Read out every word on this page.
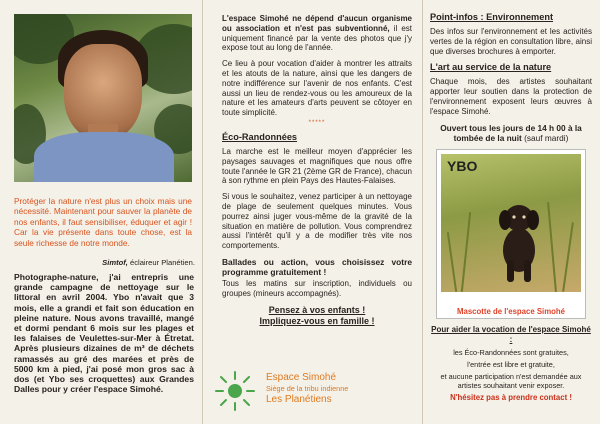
Protéger la nature n'est plus un choix mais une nécessité. Maintenant pour sauver la planète de nos enfants, il faut sensibiliser, éduquer et agir ! Car la vie présente dans toute chose, est la seule richesse de notre monde.
Simtof, éclaireur Planétien.
Photographe-nature, j'ai entrepris une grande campagne de nettoyage sur le littoral en avril 2004. Ybo n'avait que 3 mois, elle a grandi et fait son éducation en pleine nature. Nous avons travaillé, mangé et dormi pendant 6 mois sur les plages et les falaises de Veulettes-sur-Mer à Étretat. Après plusieurs dizaines de m³ de déchets ramassés au gré des marées et près de 5000 km à pied, j'ai posé mon gros sac à dos (et Ybo ses croquettes) aux Grandes Dalles pour y créer l'espace Simohé.

L'espace Simohé ne dépend d'aucun organisme ou association et n'est pas subventionné, il est uniquement financé par la vente des photos que j'y expose tout au long de l'année.

Ce lieu à pour vocation d'aider à montrer les attraits et les atouts de la nature, ainsi que les dangers de notre indifférence sur l'avenir de nos enfants. C'est aussi un lieu de rendez-vous ou les amoureux de la nature et les amateurs d'arts peuvent se côtoyer en toute simplicité.

*****
Éco-Randonnées

La marche est le meilleur moyen d'apprécier les paysages sauvages et magnifiques que nous offre toute l'année le GR 21 (2ème GR de France), chacun à son rythme en plein Pays des Hautes-Falaises.

Si vous le souhaitez, venez participer à un nettoyage de plage de seulement quelques minutes. Vous pourrez ainsi juger vous-même de la gravité de la situation en matière de pollution. Vous comprendrez aussi l'intérêt qu'il y a de modifier très vite nos comportements.

Ballades ou action, vous choisissez votre programme gratuitement !

Tous les matins sur inscription, individuels ou groupes (mineurs accompagnés).

Pensez à vos enfants !
Impliquez-vous en famille !
Espace Simohé
Siège de la tribu indienne
Les Planétiens
Point-infos : Environnement

Des infos sur l'environnement et les activités vertes de la région en consultation libre, ainsi que diverses brochures à emporter.

L'art au service de la nature

Chaque mois, des artistes souhaitant apporter leur soutien dans la protection de l'environnement exposent leurs œuvres à l'espace Simohé.

Ouvert tous les jours de 14 h 00 à la tombée de la nuit (sauf mardi)
YBO
Mascotte de l'espace Simohé
Pour aider la vocation de l'espace Simohé :
les Éco-Randonnées sont gratuites,
l'entrée est libre et gratuite,
et aucune participation n'est demandée aux artistes souhaitant venir exposer.
N'hésitez pas à prendre contact !
